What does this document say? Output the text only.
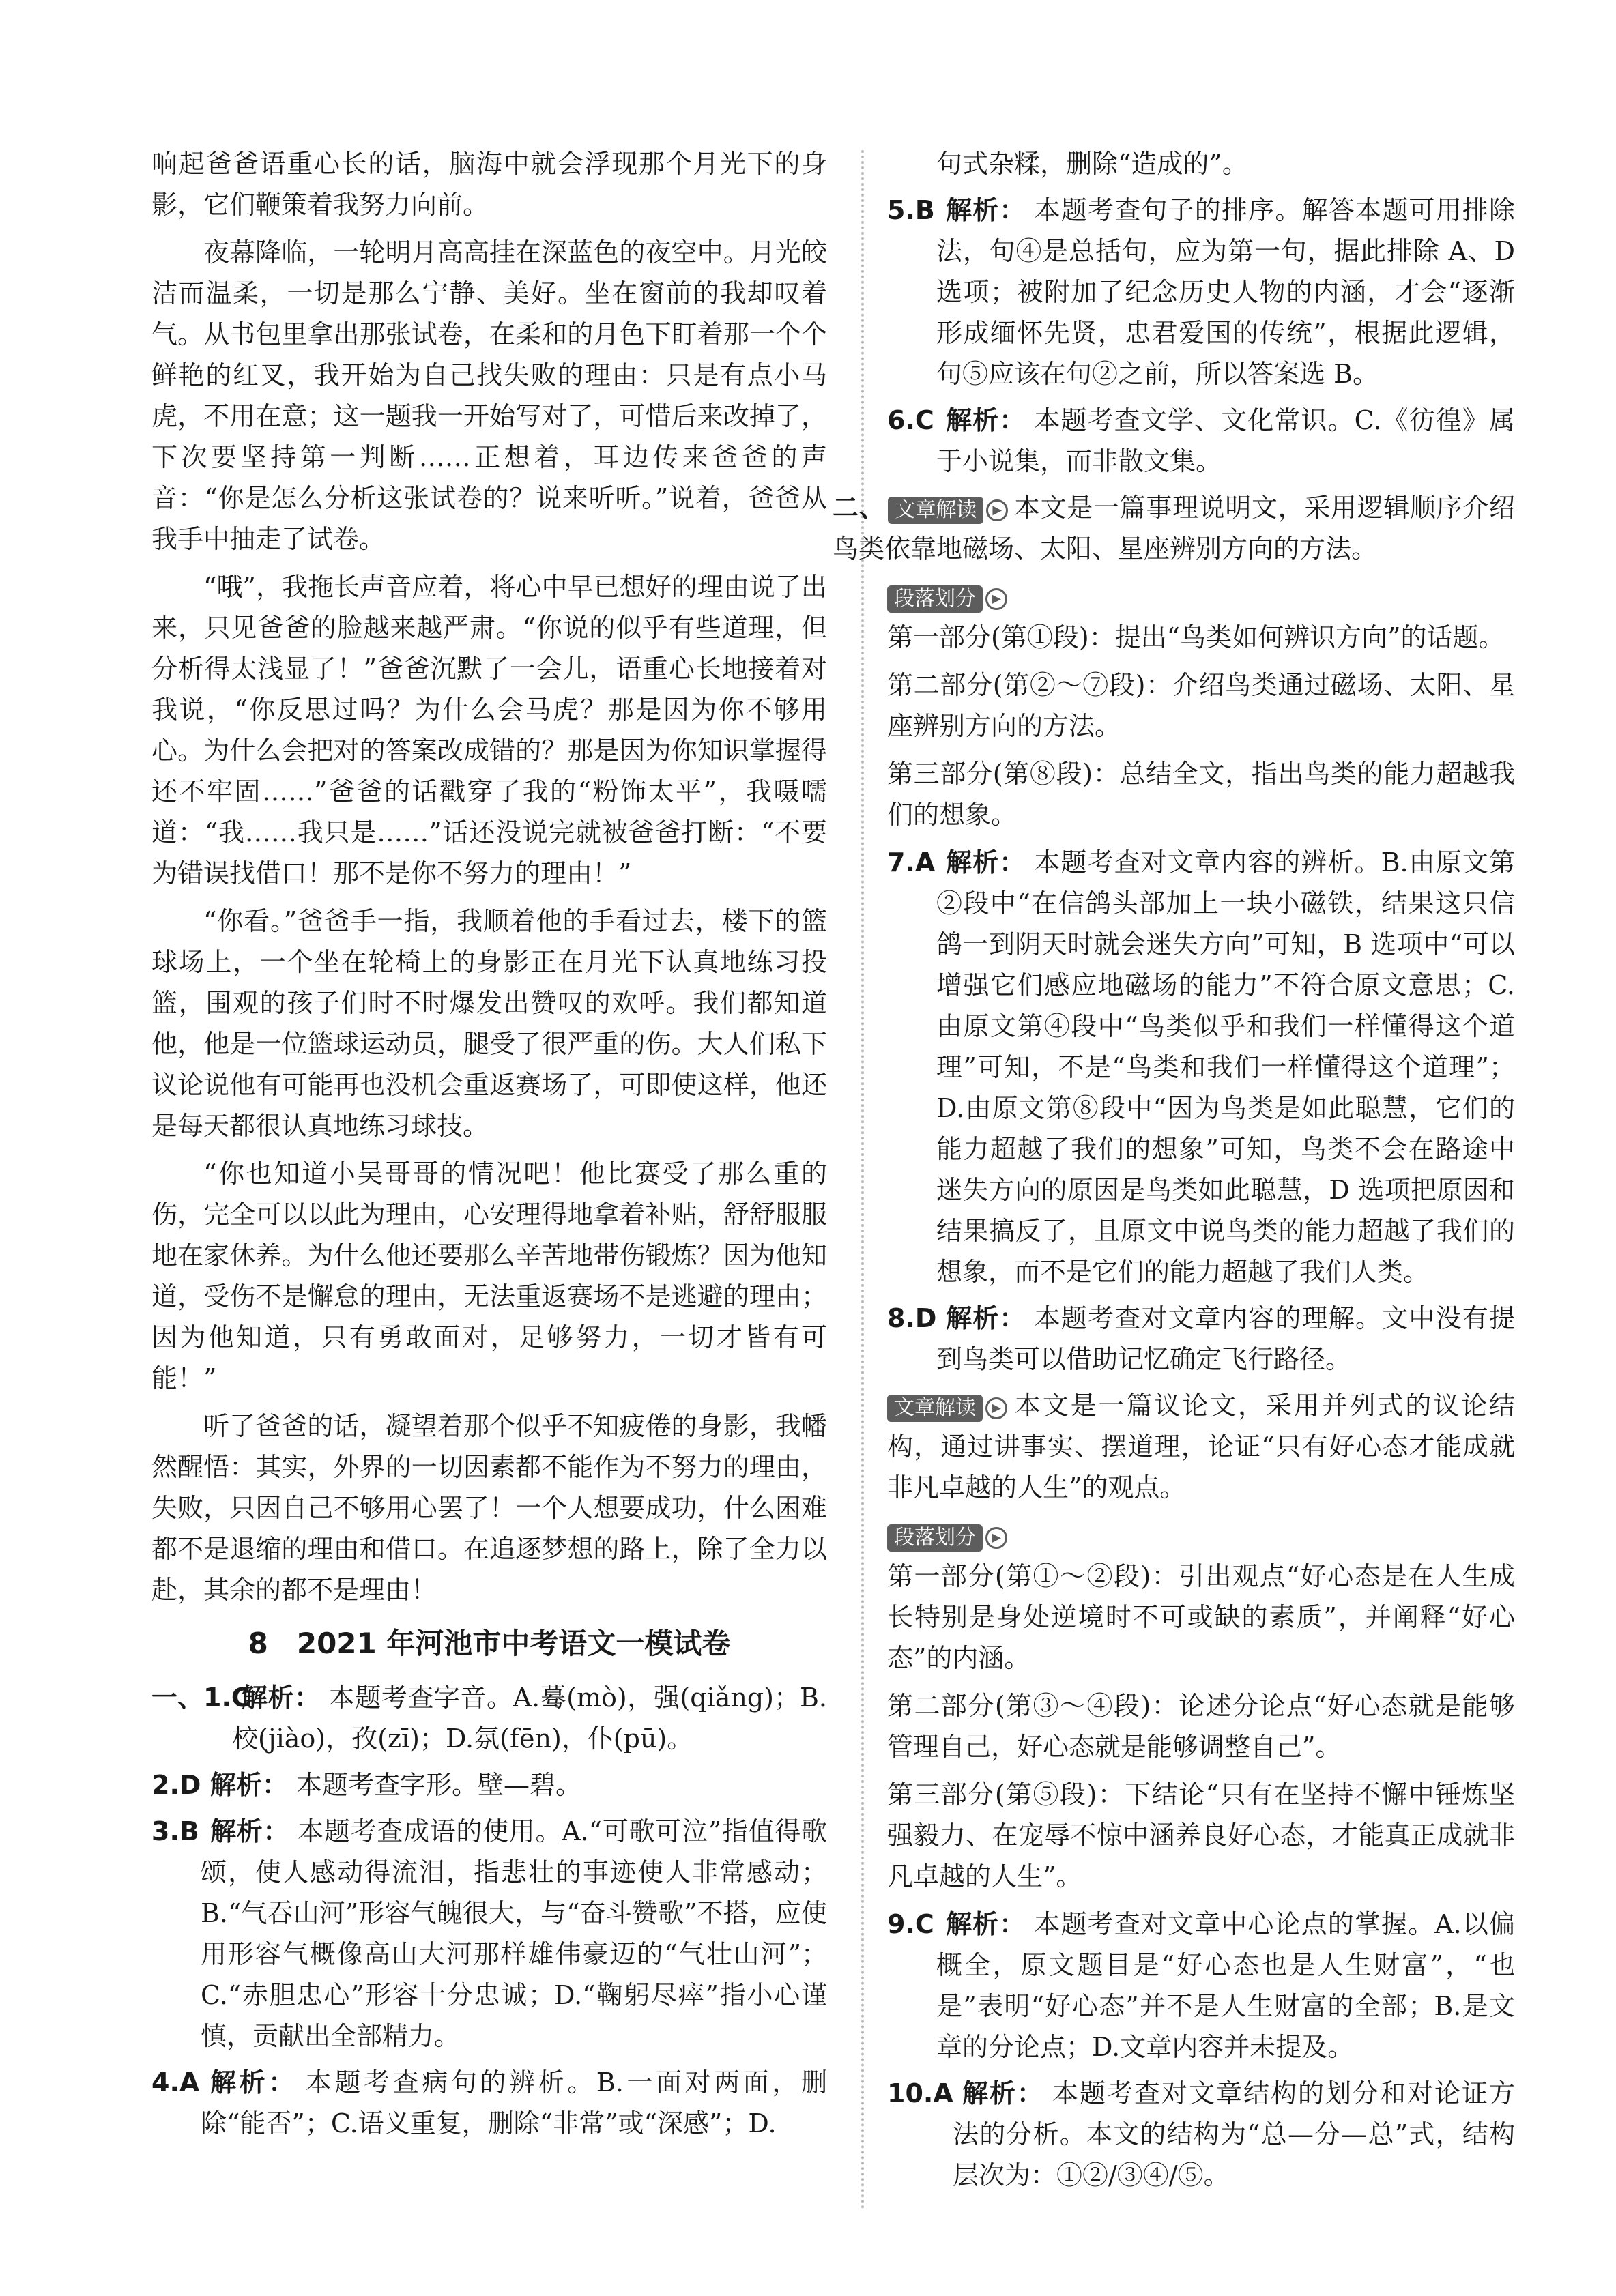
响起爸爸语重心长的话，脑海中就会浮现那个月光下的身影，它们鞭策着我努力向前。

夜幕降临，一轮明月高高挂在深蓝色的夜空中。月光皎洁而温柔，一切是那么宁静、美好。坐在窗前的我却叹着气。从书包里拿出那张试卷，在柔和的月色下盯着那一个个鲜艳的红叉，我开始为自己找失败的理由：只是有点小马虎，不用在意；这一题我一开始写对了，可惜后来改掉了，下次要坚持第一判断……正想着，耳边传来爸爸的声音：“你是怎么分析这张试卷的？说来听听。”说着，爸爸从我手中抽走了试卷。

“哦”，我拖长声音应着，将心中早已想好的理由说了出来，只见爸爸的脸越来越严肃。“你说的似乎有些道理，但分析得太浅显了！”爸爸沉默了一会儿，语重心长地接着对我说，“你反思过吗？为什么会马虎？那是因为你不够用心。为什么会把对的答案改成错的？那是因为你知识掌握得还不牢固……”爸爸的话戳穿了我的“粉饰太平”，我嗫嚅道：“我……我只是……”话还没说完就被爸爸打断：“不要为错误找借口！那不是你不努力的理由！”

“你看。”爸爸手一指，我顺着他的手看过去，楼下的篮球场上，一个坐在轮椅上的身影正在月光下认真地练习投篮，围观的孩子们时不时爆发出赞叹的欢呼。我们都知道他，他是一位篮球运动员，腿受了很严重的伤。大人们私下议论说他有可能再也没机会重返赛场了，可即使这样，他还是每天都很认真地练习球技。

“你也知道小吴哥哥的情况吧！他比赛受了那么重的伤，完全可以以此为理由，心安理得地拿着补贴，舒舒服服地在家休养。为什么他还要那么辛苦地带伤锻炼？因为他知道，受伤不是懈怠的理由，无法重返赛场不是逃避的理由；因为他知道，只有勇敢面对，足够努力，一切才皆有可能！”

听了爸爸的话，凝望着那个似乎不知疲倦的身影，我幡然醒悟：其实，外界的一切因素都不能作为不努力的理由，失败，只因自己不够用心罢了！一个人想要成功，什么困难都不是退缩的理由和借口。在追逐梦想的路上，除了全力以赴，其余的都不是理由！

8　2021 年河池市中考语文一模试卷
一、1.C
解析： 本题考查字音。A.蓦(mò)，强(qiǎng)；B.校(jiào)，孜(zī)；D.氛(fēn)，仆(pū)。
2.D 解析： 本题考查字形。壁—碧。
3.B 解析： 本题考查成语的使用。A.“可歌可泣”指值得歌颂，使人感动得流泪，指悲壮的事迹使人非常感动；B.“气吞山河”形容气魄很大，与“奋斗赞歌”不搭，应使用形容气概像高山大河那样雄伟豪迈的“气壮山河”；C.“赤胆忠心”形容十分忠诚；D.“鞠躬尽瘁”指小心谨慎，贡献出全部精力。
4.A 解析： 本题考查病句的辨析。B.一面对两面，删除“能否”；C.语义重复，删除“非常”或“深感”；D.
句式杂糅，删除“造成的”。
5.B 解析： 本题考查句子的排序。解答本题可用排除法，句④是总括句，应为第一句，据此排除 A、D 选项；被附加了纪念历史人物的内涵，才会“逐渐形成缅怀先贤，忠君爱国的传统”，根据此逻辑，句⑤应该在句②之前，所以答案选 B。
6.C 解析： 本题考查文学、文化常识。C.《彷徨》属于小说集，而非散文集。

二、 文章解读 ▶ 本文是一篇事理说明文，采用逻辑顺序介绍鸟类依靠地磁场、太阳、星座辨别方向的方法。

段落划分 ▶

第一部分(第①段)：提出“鸟类如何辨识方向”的话题。

第二部分(第②～⑦段)：介绍鸟类通过磁场、太阳、星座辨别方向的方法。

第三部分(第⑧段)：总结全文，指出鸟类的能力超越我们的想象。

7.A 解析： 本题考查对文章内容的辨析。B.由原文第②段中“在信鸽头部加上一块小磁铁，结果这只信鸽一到阴天时就会迷失方向”可知，B 选项中“可以增强它们感应地磁场的能力”不符合原文意思；C.由原文第④段中“鸟类似乎和我们一样懂得这个道理”可知，不是“鸟类和我们一样懂得这个道理”；D.由原文第⑧段中“因为鸟类是如此聪慧，它们的能力超越了我们的想象”可知，鸟类不会在路途中迷失方向的原因是鸟类如此聪慧，D 选项把原因和结果搞反了，且原文中说鸟类的能力超越了我们的想象，而不是它们的能力超越了我们人类。
8.D 解析： 本题考查对文章内容的理解。文中没有提到鸟类可以借助记忆确定飞行路径。

文章解读 ▶ 本文是一篇议论文，采用并列式的议论结构，通过讲事实、摆道理，论证“只有好心态才能成就非凡卓越的人生”的观点。

段落划分 ▶

第一部分(第①～②段)：引出观点“好心态是在人生成长特别是身处逆境时不可或缺的素质”，并阐释“好心态”的内涵。

第二部分(第③～④段)：论述分论点“好心态就是能够管理自己，好心态就是能够调整自己”。

第三部分(第⑤段)：下结论“只有在坚持不懈中锤炼坚强毅力、在宠辱不惊中涵养良好心态，才能真正成就非凡卓越的人生”。

9.C 解析： 本题考查对文章中心论点的掌握。A.以偏概全，原文题目是“好心态也是人生财富”，“也是”表明“好心态”并不是人生财富的全部；B.是文章的分论点；D.文章内容并未提及。
10.A 解析： 本题考查对文章结构的划分和对论证方法的分析。本文的结构为“总—分—总”式，结构层次为：①②/③④/⑤。
